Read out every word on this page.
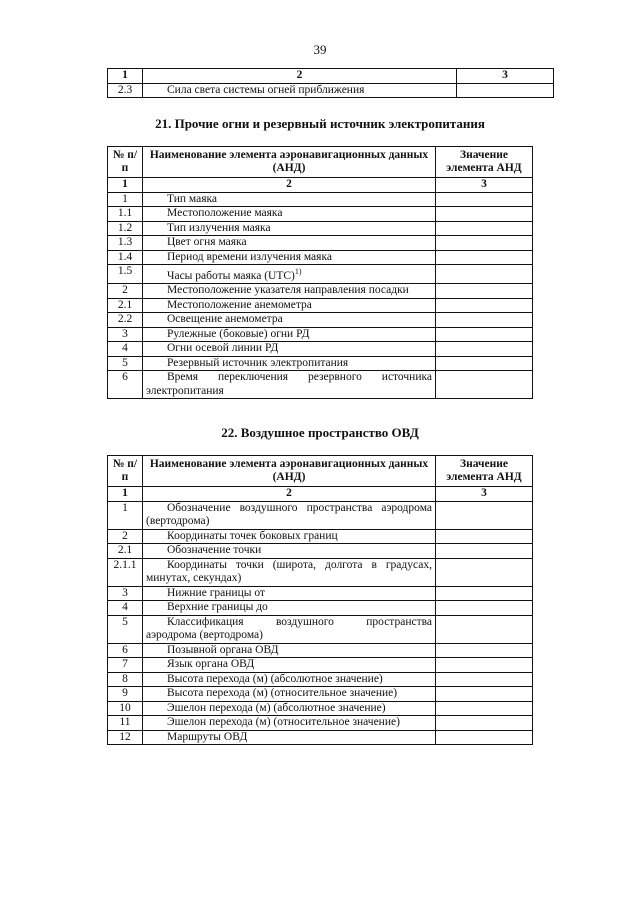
39
1	2	3
2.3	Сила света системы огней приближения	
21. Прочие огни и резервный источник электропитания
№ п/п	Наименование элемента аэронавигационных данных (АНД)	Значение элемента АНД
1	2	3
1	Тип маяка	
1.1	Местоположение маяка	
1.2	Тип излучения маяка	
1.3	Цвет огня маяка	
1.4	Период времени излучения маяка	
1.5	Часы работы маяка (UTC)$^{1)}$	
2	Местоположение указателя направления посадки	
2.1	Местоположение анемометра	
2.2	Освещение анемометра	
3	Рулежные (боковые) огни РД	
4	Огни осевой линии РД	
5	Резервный источник электропитания	
6	Время переключения резервного источника
электропитания	

22. Воздушное пространство ОВД
№ п/п	Наименование элемента аэронавигационных данных (АНД)	Значение элемента АНД
1	2	3
1	Обозначение воздушного пространства аэродрома
(вертодрома)	

2	Координаты точек боковых границ	
2.1	Обозначение точки	
2.1.1	Координаты точки (широта, долгота в градусах,
минутах, секундах)	

3	Нижние границы от	
4	Верхние границы до	
5	Классификация воздушного пространства
аэродрома (вертодрома)	

6	Позывной органа ОВД	
7	Язык органа ОВД	
8	Высота перехода (м) (абсолютное значение)	
9	Высота перехода (м) (относительное значение)	
10	Эшелон перехода (м) (абсолютное значение)	
11	Эшелон перехода (м) (относительное значение)	
12	Маршруты ОВД	
